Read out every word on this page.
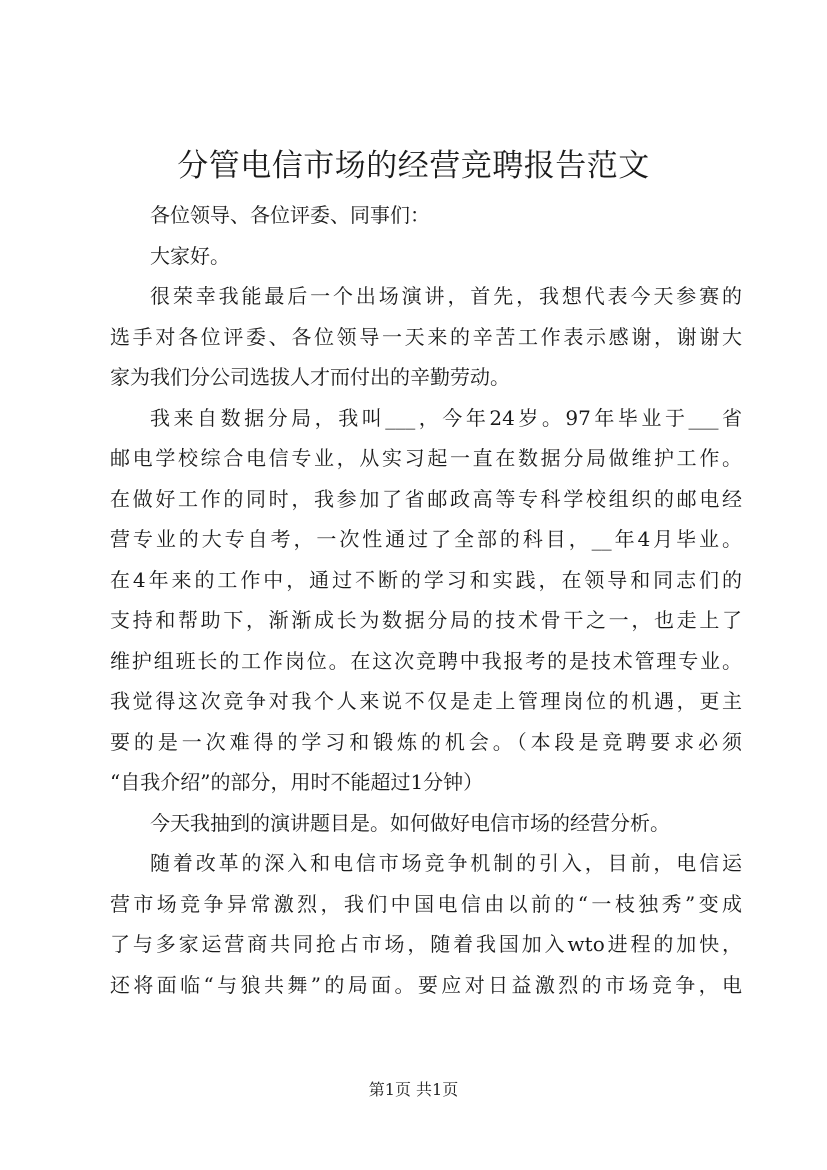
分管电信市场的经营竞聘报告范文
各位领导、各位评委、同事们：
大家好。
很荣幸我能最后一个出场演讲，首先，我想代表今天参赛的
选手对各位评委、各位领导一天来的辛苦工作表示感谢，谢谢大
家为我们分公司选拔人才而付出的辛勤劳动。
我来自数据分局，我叫___，今年24岁。97年毕业于___省
邮电学校综合电信专业，从实习起一直在数据分局做维护工作。
在做好工作的同时，我参加了省邮政高等专科学校组织的邮电经
营专业的大专自考，一次性通过了全部的科目，__年4月毕业。
在4年来的工作中，通过不断的学习和实践，在领导和同志们的
支持和帮助下，渐渐成长为数据分局的技术骨干之一，也走上了
维护组班长的工作岗位。在这次竞聘中我报考的是技术管理专业。
我觉得这次竞争对我个人来说不仅是走上管理岗位的机遇，更主
要的是一次难得的学习和锻炼的机会。（本段是竞聘要求必须
“自我介绍”的部分，用时不能超过1分钟）
今天我抽到的演讲题目是。如何做好电信市场的经营分析。
随着改革的深入和电信市场竞争机制的引入，目前，电信运
营市场竞争异常激烈，我们中国电信由以前的“一枝独秀”变成
了与多家运营商共同抢占市场，随着我国加入wto进程的加快，
还将面临“与狼共舞”的局面。要应对日益激烈的市场竞争，电
第1页 共1页
